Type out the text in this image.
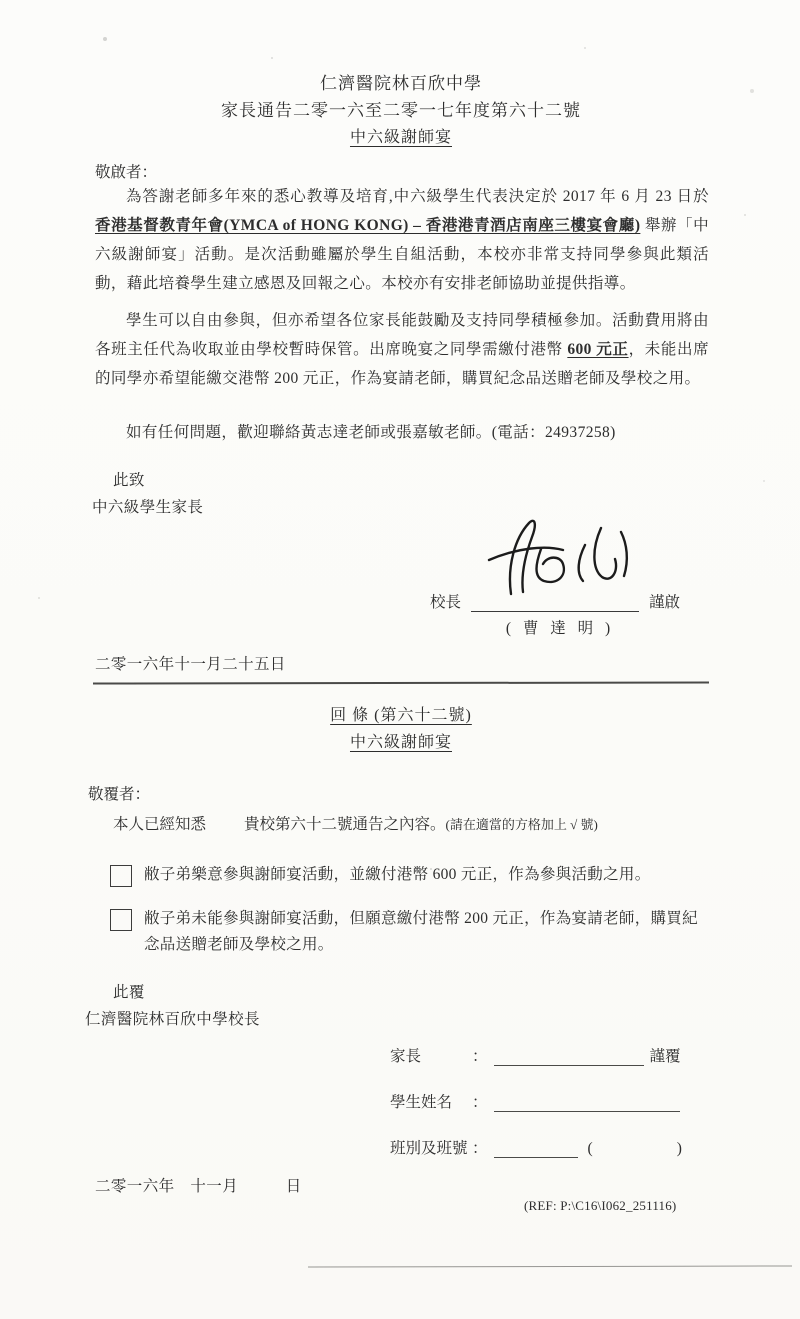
仁濟醫院林百欣中學
家長通告二零一六至二零一七年度第六十二號
中六級謝師宴
敬啟者：

為答謝老師多年來的悉心教導及培育,中六級學生代表決定於 2017 年 6 月 23 日於 香港基督教青年會(YMCA of HONG KONG) – 香港港青酒店南座三樓宴會廳) 舉辦「中六級謝師宴」活動。是次活動雖屬於學生自組活動，本校亦非常支持同學參與此類活動，藉此培養學生建立感恩及回報之心。本校亦有安排老師協助並提供指導。

學生可以自由參與，但亦希望各位家長能鼓勵及支持同學積極參加。活動費用將由各班主任代為收取並由學校暫時保管。出席晚宴之同學需繳付港幣 600 元正，未能出席的同學亦希望能繳交港幣 200 元正，作為宴請老師，購買紀念品送贈老師及學校之用。

如有任何問題，歡迎聯絡黃志達老師或張嘉敏老師。(電話：24937258)

此致
中六級學生家長
校長	謹啟
( 曹 達 明 )
二零一六年十一月二十五日
回 條 (第六十二號)
中六級謝師宴
敬覆者：
本人已經知悉 貴校第六十二號通告之內容。(請在適當的方格加上 √ 號)
敝子弟樂意參與謝師宴活動，並繳付港幣 600 元正，作為參與活動之用。
敝子弟未能參與謝師宴活動，但願意繳付港幣 200 元正，作為宴請老師，購買紀念品送贈老師及學校之用。
此覆
仁濟醫院林百欣中學校長
家長	：	謹覆
學生姓名	：
班別及班號 ：	(	)
二零一六年　十一月　　　日
(REF: P:\C16\I062_251116)
